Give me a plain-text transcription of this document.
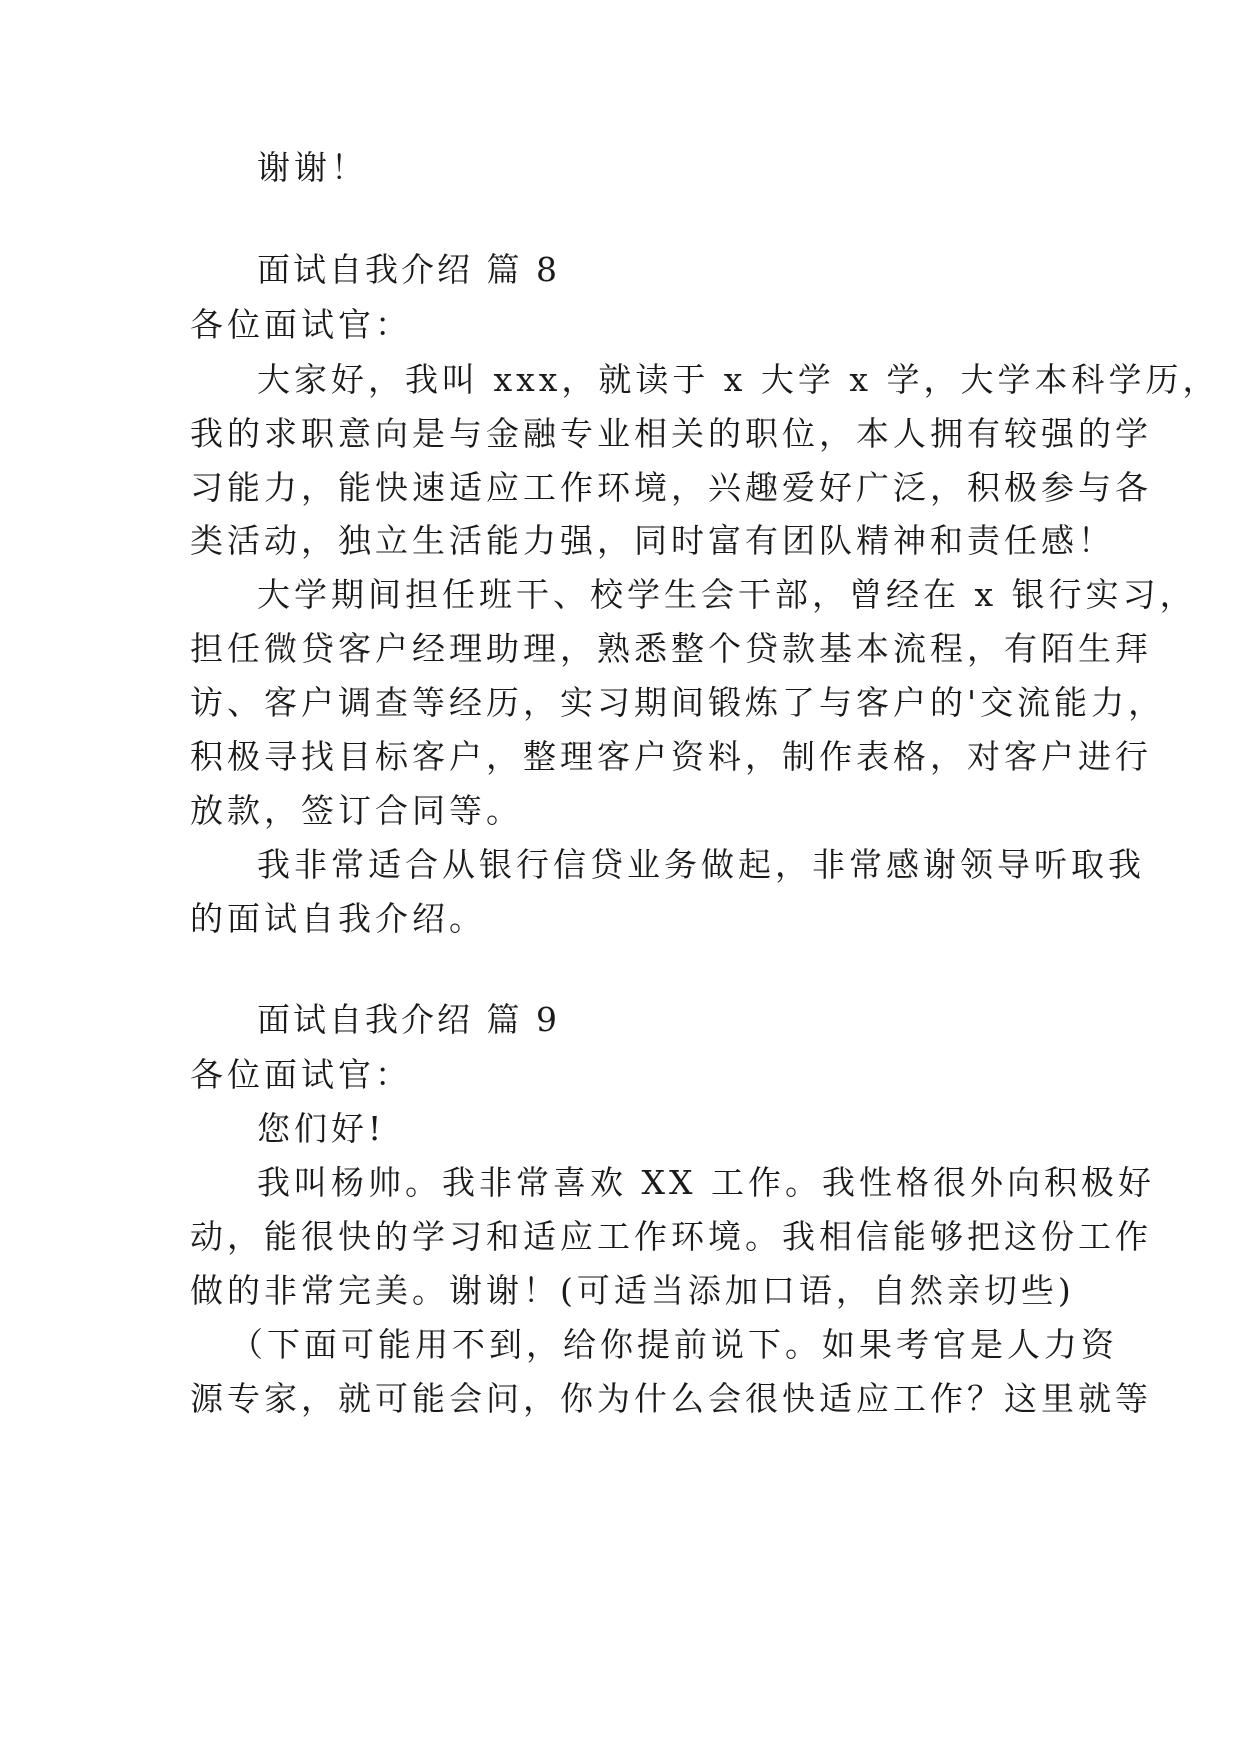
谢谢！

面试自我介绍 篇 8

各位面试官：

大家好，我叫 xxx，就读于 x 大学 x 学，大学本科学历，

我的求职意向是与金融专业相关的职位，本人拥有较强的学

习能力，能快速适应工作环境，兴趣爱好广泛，积极参与各

类活动，独立生活能力强，同时富有团队精神和责任感！

大学期间担任班干、校学生会干部，曾经在 x 银行实习，

担任微贷客户经理助理，熟悉整个贷款基本流程，有陌生拜

访、客户调查等经历，实习期间锻炼了与客户的'交流能力，

积极寻找目标客户，整理客户资料，制作表格，对客户进行

放款，签订合同等。

我非常适合从银行信贷业务做起，非常感谢领导听取我

的面试自我介绍。

面试自我介绍 篇 9

各位面试官：

您们好!

我叫杨帅。我非常喜欢 XX 工作。我性格很外向积极好

动，能很快的学习和适应工作环境。我相信能够把这份工作

做的非常完美。谢谢！(可适当添加口语，自然亲切些)

（下面可能用不到，给你提前说下。如果考官是人力资

源专家，就可能会问，你为什么会很快适应工作？这里就等
